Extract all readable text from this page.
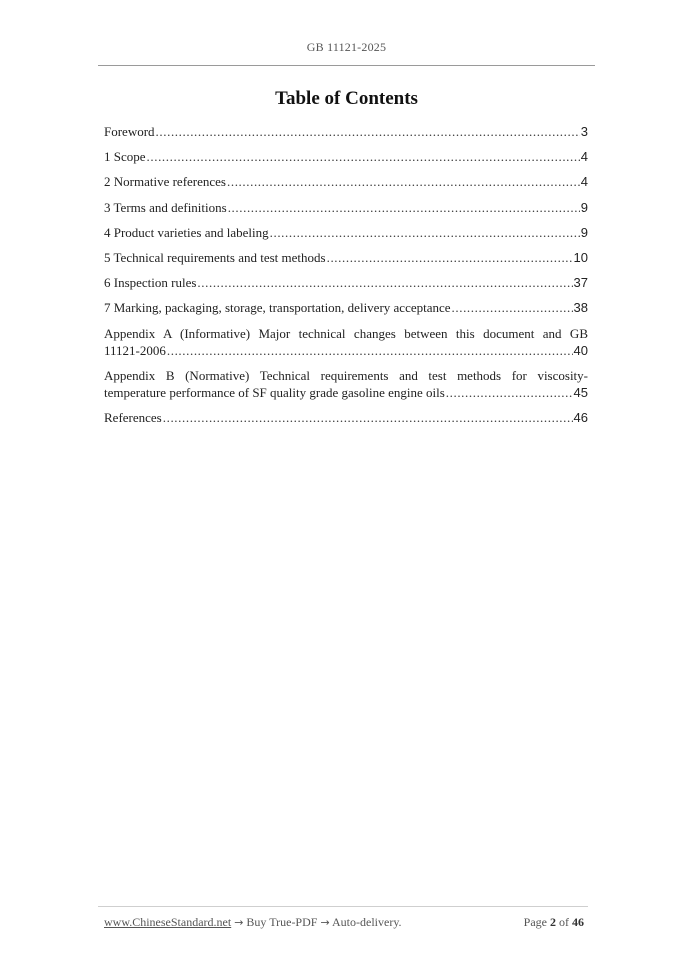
GB 11121-2025
Table of Contents
Foreword .....	3
1 Scope .....	4
2 Normative references .....	4
3 Terms and definitions .....	9
4 Product varieties and labeling .....	9
5 Technical requirements and test methods .....	10
6 Inspection rules .....	37
7 Marking, packaging, storage, transportation, delivery acceptance .....	38
Appendix A (Informative) Major technical changes between this document and GB
11121-2006 .....	40
Appendix B (Normative) Technical requirements and test methods for viscosity-
temperature performance of SF quality grade gasoline engine oils .....	45
References .....	46
www.ChineseStandard.net → Buy True-PDF → Auto-delivery.	Page 2 of 46
